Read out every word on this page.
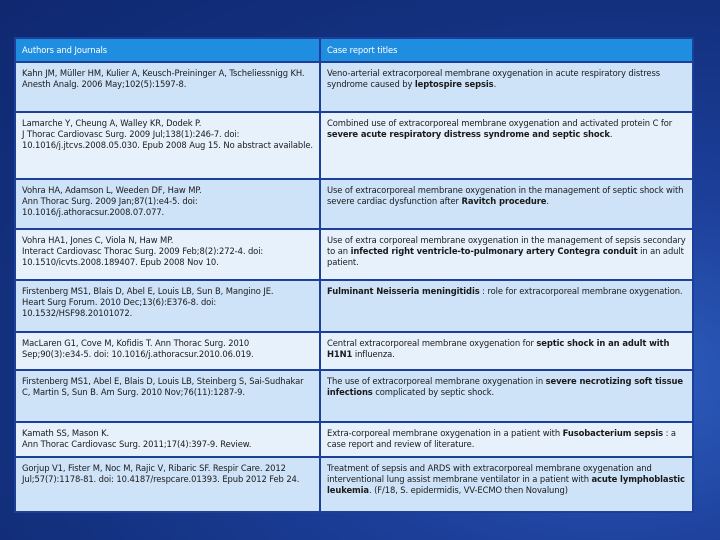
Authors and Journals	Case report titles

Kahn JM, Müller HM, Kulier A, Keusch-Preininger A, Tscheliessnigg KH.
Anesth Analg. 2006 May;102(5):1597-8.	Veno-arterial extracorporeal membrane oxygenation in acute respiratory distress syndrome caused by leptospire sepsis.

Lamarche Y, Cheung A, Walley KR, Dodek P.
J Thorac Cardiovasc Surg. 2009 Jul;138(1):246-7. doi: 10.1016/j.jtcvs.2008.05.030. Epub 2008 Aug 15. No abstract available.	Combined use of extracorporeal membrane oxygenation and activated protein C for severe acute respiratory distress syndrome and septic shock.

Vohra HA, Adamson L, Weeden DF, Haw MP.
Ann Thorac Surg. 2009 Jan;87(1):e4-5. doi: 10.1016/j.athoracsur.2008.07.077.	Use of extracorporeal membrane oxygenation in the management of septic shock with severe cardiac dysfunction after Ravitch procedure.

Vohra HA1, Jones C, Viola N, Haw MP.
Interact Cardiovasc Thorac Surg. 2009 Feb;8(2):272-4. doi: 10.1510/icvts.2008.189407. Epub 2008 Nov 10.	Use of extra corporeal membrane oxygenation in the management of sepsis secondary to an infected right ventricle-to-pulmonary artery Contegra conduit in an adult patient.

Firstenberg MS1, Blais D, Abel E, Louis LB, Sun B, Mangino JE.
Heart Surg Forum. 2010 Dec;13(6):E376-8. doi: 10.1532/HSF98.20101072.	Fulminant Neisseria meningitidis : role for extracorporeal membrane oxygenation.

MacLaren G1, Cove M, Kofidis T. Ann Thorac Surg. 2010 Sep;90(3):e34-5. doi: 10.1016/j.athoracsur.2010.06.019.	Central extracorporeal membrane oxygenation for septic shock in an adult with H1N1 influenza.

Firstenberg MS1, Abel E, Blais D, Louis LB, Steinberg S, Sai-Sudhakar C, Martin S, Sun B. Am Surg. 2010 Nov;76(11):1287-9.	The use of extracorporeal membrane oxygenation in severe necrotizing soft tissue infections complicated by septic shock.

Kamath SS, Mason K.
Ann Thorac Cardiovasc Surg. 2011;17(4):397-9. Review.	Extra-corporeal membrane oxygenation in a patient with Fusobacterium sepsis : a case report and review of literature.

Gorjup V1, Fister M, Noc M, Rajic V, Ribaric SF. Respir Care. 2012 Jul;57(7):1178-81. doi: 10.4187/respcare.01393. Epub 2012 Feb 24.	Treatment of sepsis and ARDS with extracorporeal membrane oxygenation and interventional lung assist membrane ventilator in a patient with acute lymphoblastic leukemia. (F/18, S. epidermidis, VV-ECMO then Novalung)
